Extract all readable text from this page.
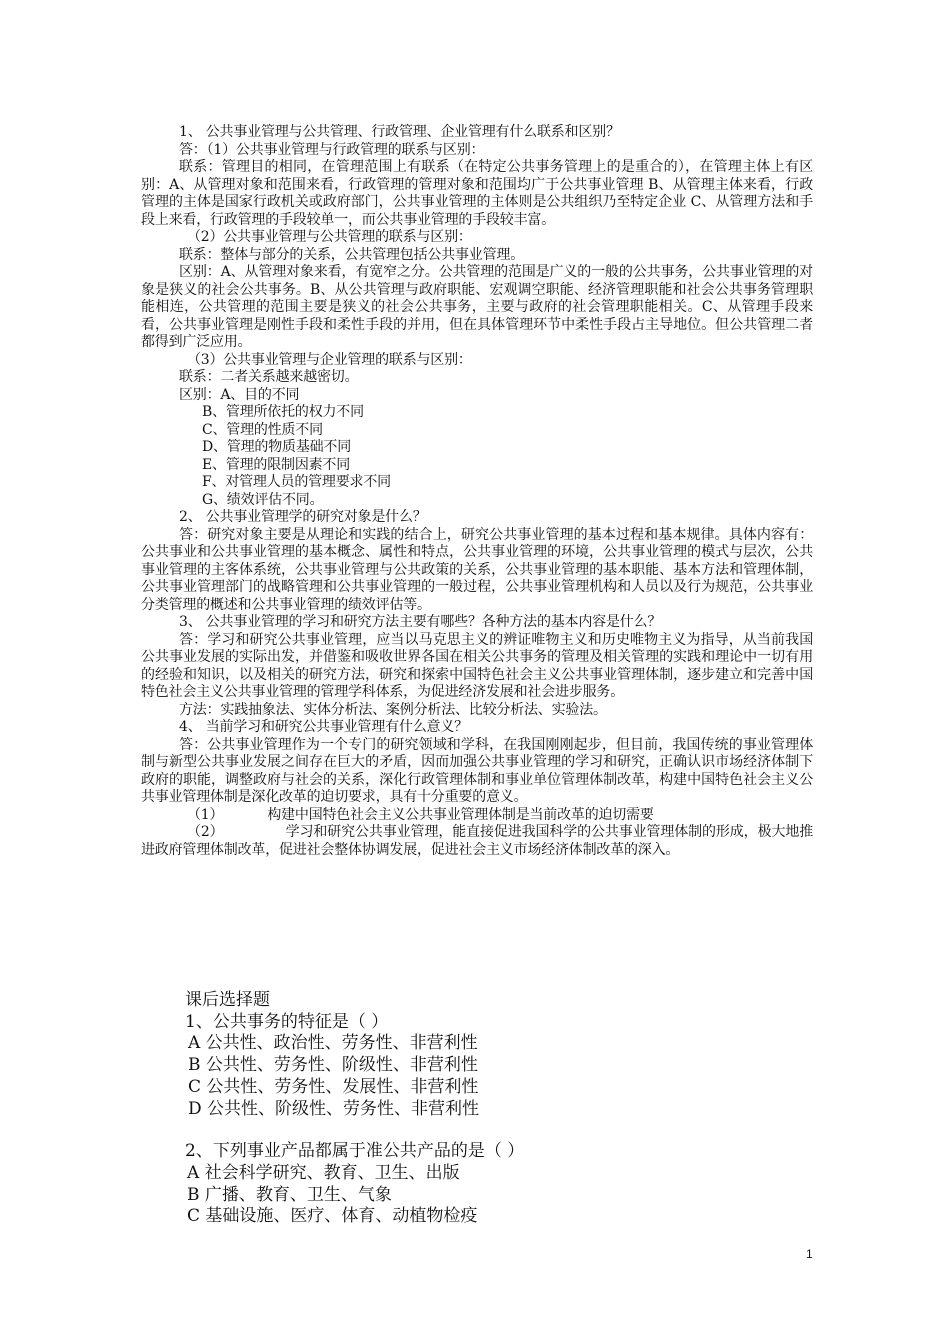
1、 公共事业管理与公共管理、行政管理、企业管理有什么联系和区别？

答：（1）公共事业管理与行政管理的联系与区别：

联系：管理目的相同，在管理范围上有联系（在特定公共事务管理上的是重合的），在管理主体上有区别：A、从管理对象和范围来看，行政管理的管理对象和范围均广于公共事业管理 B、从管理主体来看，行政管理的主体是国家行政机关或政府部门，公共事业管理的主体则是公共组织乃至特定企业 C、从管理方法和手段上来看，行政管理的手段较单一，而公共事业管理的手段较丰富。

（2）公共事业管理与公共管理的联系与区别：

联系：整体与部分的关系，公共管理包括公共事业管理。

区别：A、从管理对象来看，有宽窄之分。公共管理的范围是广义的一般的公共事务，公共事业管理的对象是狭义的社会公共事务。B、从公共管理与政府职能、宏观调空职能、经济管理职能和社会公共事务管理职能相连，公共管理的范围主要是狭义的社会公共事务，主要与政府的社会管理职能相关。C、从管理手段来看，公共事业管理是刚性手段和柔性手段的并用，但在具体管理环节中柔性手段占主导地位。但公共管理二者都得到广泛应用。

（3）公共事业管理与企业管理的联系与区别：

联系：二者关系越来越密切。

区别：A、目的不同

B、管理所依托的权力不同

C、管理的性质不同

D、管理的物质基础不同

E、管理的限制因素不同

F、对管理人员的管理要求不同

G、绩效评估不同。

2、 公共事业管理学的研究对象是什么？

答：研究对象主要是从理论和实践的结合上，研究公共事业管理的基本过程和基本规律。具体内容有：公共事业和公共事业管理的基本概念、属性和特点，公共事业管理的环境，公共事业管理的模式与层次，公共事业管理的主客体系统，公共事业管理与公共政策的关系，公共事业管理的基本职能、基本方法和管理体制，公共事业管理部门的战略管理和公共事业管理的一般过程，公共事业管理机构和人员以及行为规范，公共事业分类管理的概述和公共事业管理的绩效评估等。

3、 公共事业管理的学习和研究方法主要有哪些？各种方法的基本内容是什么？

答：学习和研究公共事业管理，应当以马克思主义的辨证唯物主义和历史唯物主义为指导，从当前我国公共事业发展的实际出发，并借鉴和吸收世界各国在相关公共事务的管理及相关管理的实践和理论中一切有用的经验和知识，以及相关的研究方法，研究和探索中国特色社会主义公共事业管理体制，逐步建立和完善中国特色社会主义公共事业管理的管理学科体系，为促进经济发展和社会进步服务。

方法：实践抽象法、实体分析法、案例分析法、比较分析法、实验法。

4、 当前学习和研究公共事业管理有什么意义？

答：公共事业管理作为一个专门的研究领域和学科，在我国刚刚起步，但目前，我国传统的事业管理体制与新型公共事业发展之间存在巨大的矛盾，因而加强公共事业管理的学习和研究，正确认识市场经济体制下政府的职能，调整政府与社会的关系，深化行政管理体制和事业单位管理体制改革，构建中国特色社会主义公共事业管理体制是深化改革的迫切要求，具有十分重要的意义。

（1）	构建中国特色社会主义公共事业管理体制是当前改革的迫切需要

（2）	学习和研究公共事业管理，能直接促进我国科学的公共事业管理体制的形成，极大地推进政府管理体制改革，促进社会整体协调发展，促进社会主义市场经济体制改革的深入。

课后选择题

1、公共事务的特征是（ ）

A 公共性、政治性、劳务性、非营利性

B 公共性、劳务性、阶级性、非营利性

C 公共性、劳务性、发展性、非营利性

D 公共性、阶级性、劳务性、非营利性

2、下列事业产品都属于准公共产品的是（ ）

A 社会科学研究、教育、卫生、出版

B 广播、教育、卫生、气象

C 基础设施、医疗、体育、动植物检疫

1
